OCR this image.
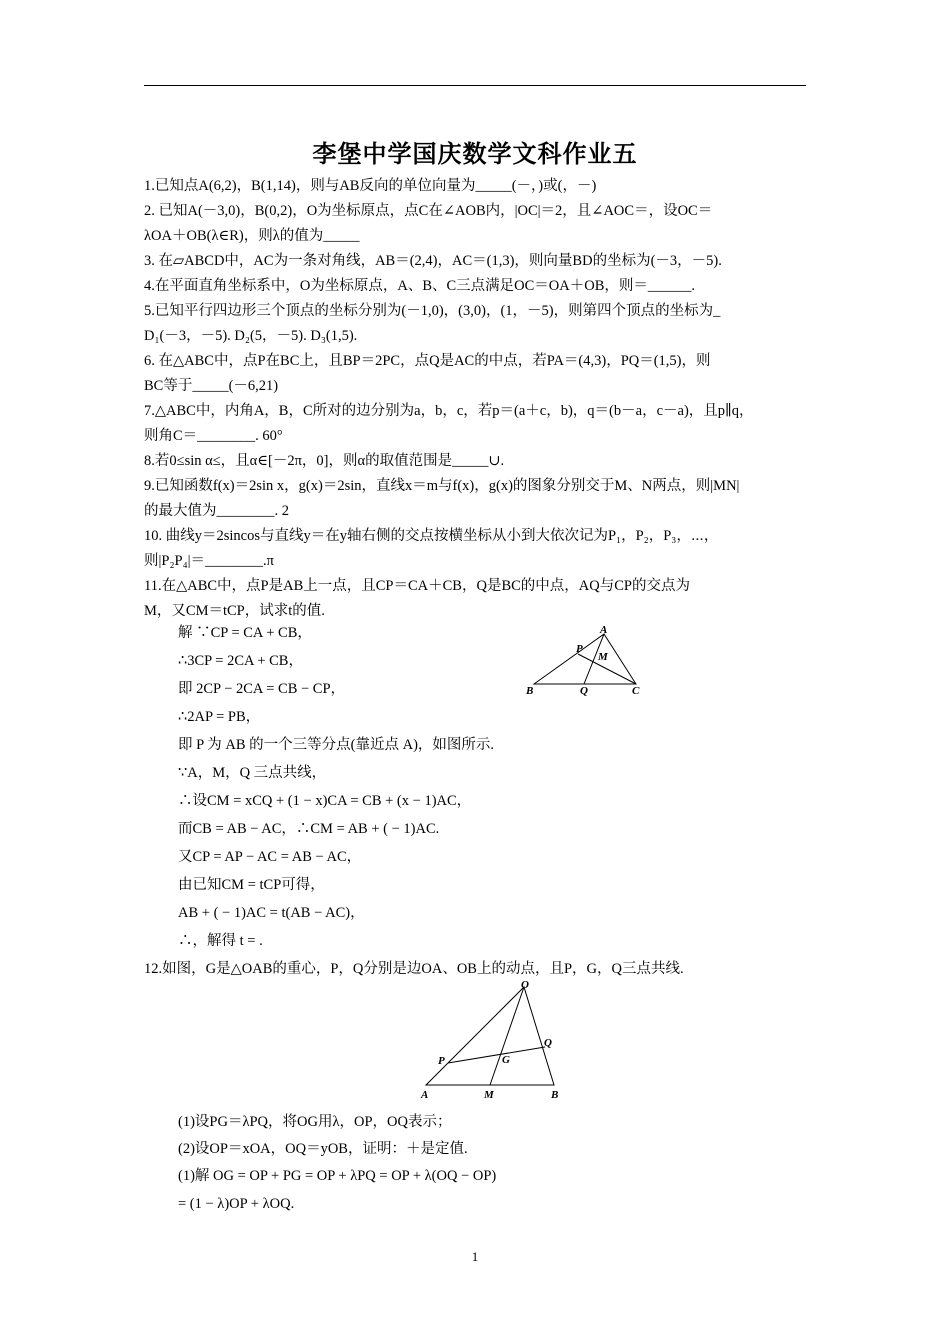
李堡中学国庆数学文科作业五
1.已知点A(6,2)，B(1,14)，则与AB反向的单位向量为_____(－，)或(，－)
2. 已知A(－3,0)，B(0,2)，O为坐标原点，点C在∠AOB内，|OC|＝2，且∠AOC＝，设OC＝
λOA＋OB(λ∈R)，则λ的值为_____
3. 在▱ABCD中，AC为一条对角线，AB＝(2,4)，AC＝(1,3)，则向量BD的坐标为(－3，－5).
4.在平面直角坐标系中，O为坐标原点，A、B、C三点满足OC＝OA＋OB，则＝______.
5.已知平行四边形三个顶点的坐标分别为(－1,0)，(3,0)，(1，－5)，则第四个顶点的坐标为_
D₁(－3，－5). D₂(5，－5). D₃(1,5).
6. 在△ABC中，点P在BC上，且BP＝2PC，点Q是AC的中点，若PA＝(4,3)，PQ＝(1,5)，则
BC等于_____(－6,21)
7.△ABC中，内角A，B，C所对的边分别为a，b，c，若p＝(a＋c，b)，q＝(b－a，c－a)，且p∥q，
则角C＝________. 60°
8.若0≤sin α≤，且α∈[－2π，0]，则α的取值范围是_____∪.
9.已知函数f(x)＝2sin x，g(x)＝2sin，直线x＝m与f(x)，g(x)的图象分别交于M、N两点，则|MN|
的最大值为________. 2
10. 曲线y＝2sincos与直线y＝在y轴右侧的交点按横坐标从小到大依次记为P₁，P₂，P₃，⋯，
则|P₂P₄|＝________.π
11.在△ABC中，点P是AB上一点，且CP＝CA＋CB，Q是BC的中点，AQ与CP的交点为
M，又CM＝tCP，试求t的值.
解 ∵CP = CA + CB，
∴3CP = 2CA + CB，
即 2CP − 2CA = CB − CP，
∴2AP = PB，
即 P 为 AB 的一个三等分点(靠近点 A)，如图所示.
∵A，M，Q 三点共线，
∴设CM = xCQ + (1 − x)CA = CB + (x − 1)AC，
而CB = AB − AC，∴CM = AB + ( − 1)AC.
又CP = AP − AC = AB − AC，
由已知CM = tCP可得，
AB + ( − 1)AC = t(AB − AC)，
∴，解得 t = .
A
P
M
B	Q	C
12.如图，G是△OAB的重心，P，Q分别是边OA、OB上的动点，且P，G，Q三点共线.
O
Q
P	G
A	M	B
(1)设PG＝λPQ，将OG用λ，OP，OQ表示；
(2)设OP＝xOA，OQ＝yOB，证明：＋是定值.
(1)解 OG = OP + PG = OP + λPQ = OP + λ(OQ − OP)
= (1 − λ)OP + λOQ.
1
